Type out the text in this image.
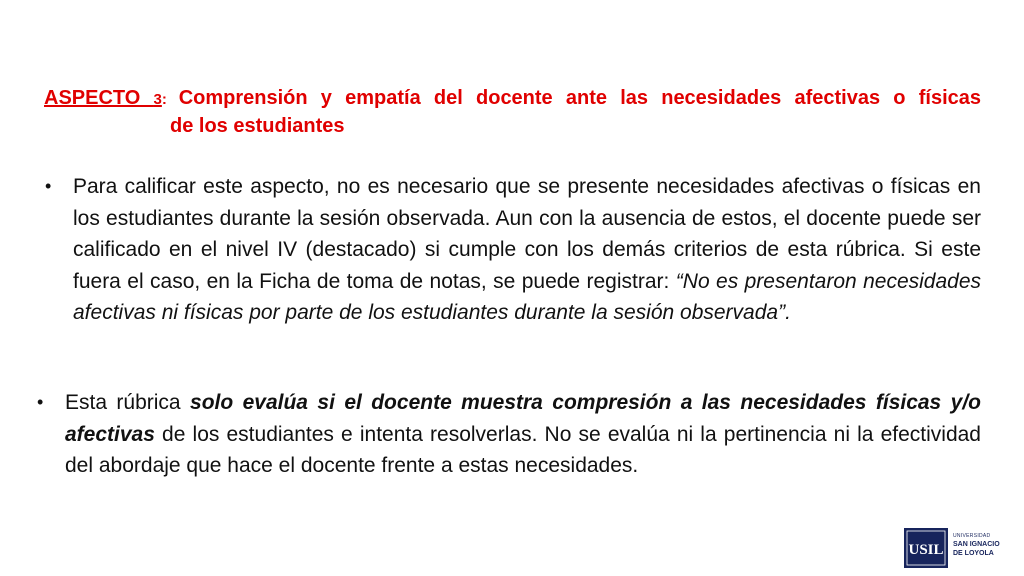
ASPECTO 3: Comprensión y empatía del docente ante las necesidades afectivas o físicas
de los estudiantes
• Para calificar este aspecto, no es necesario que se presente necesidades afectivas o físicas en los estudiantes durante la sesión observada. Aun con la ausencia de estos, el docente puede ser calificado en el nivel IV (destacado) si cumple con los demás criterios de esta rúbrica. Si este fuera el caso, en la Ficha de toma de notas, se puede registrar: “No es presentaron necesidades afectivas ni físicas por parte de los estudiantes durante la sesión observada”.
• Esta rúbrica solo evalúa si el docente muestra compresión a las necesidades físicas y/o afectivas de los estudiantes e intenta resolverlas. No se evalúa ni la pertinencia ni la efectividad del abordaje que hace el docente frente a estas necesidades.
USIL
UNIVERSIDAD
SAN IGNACIO
DE LOYOLA
